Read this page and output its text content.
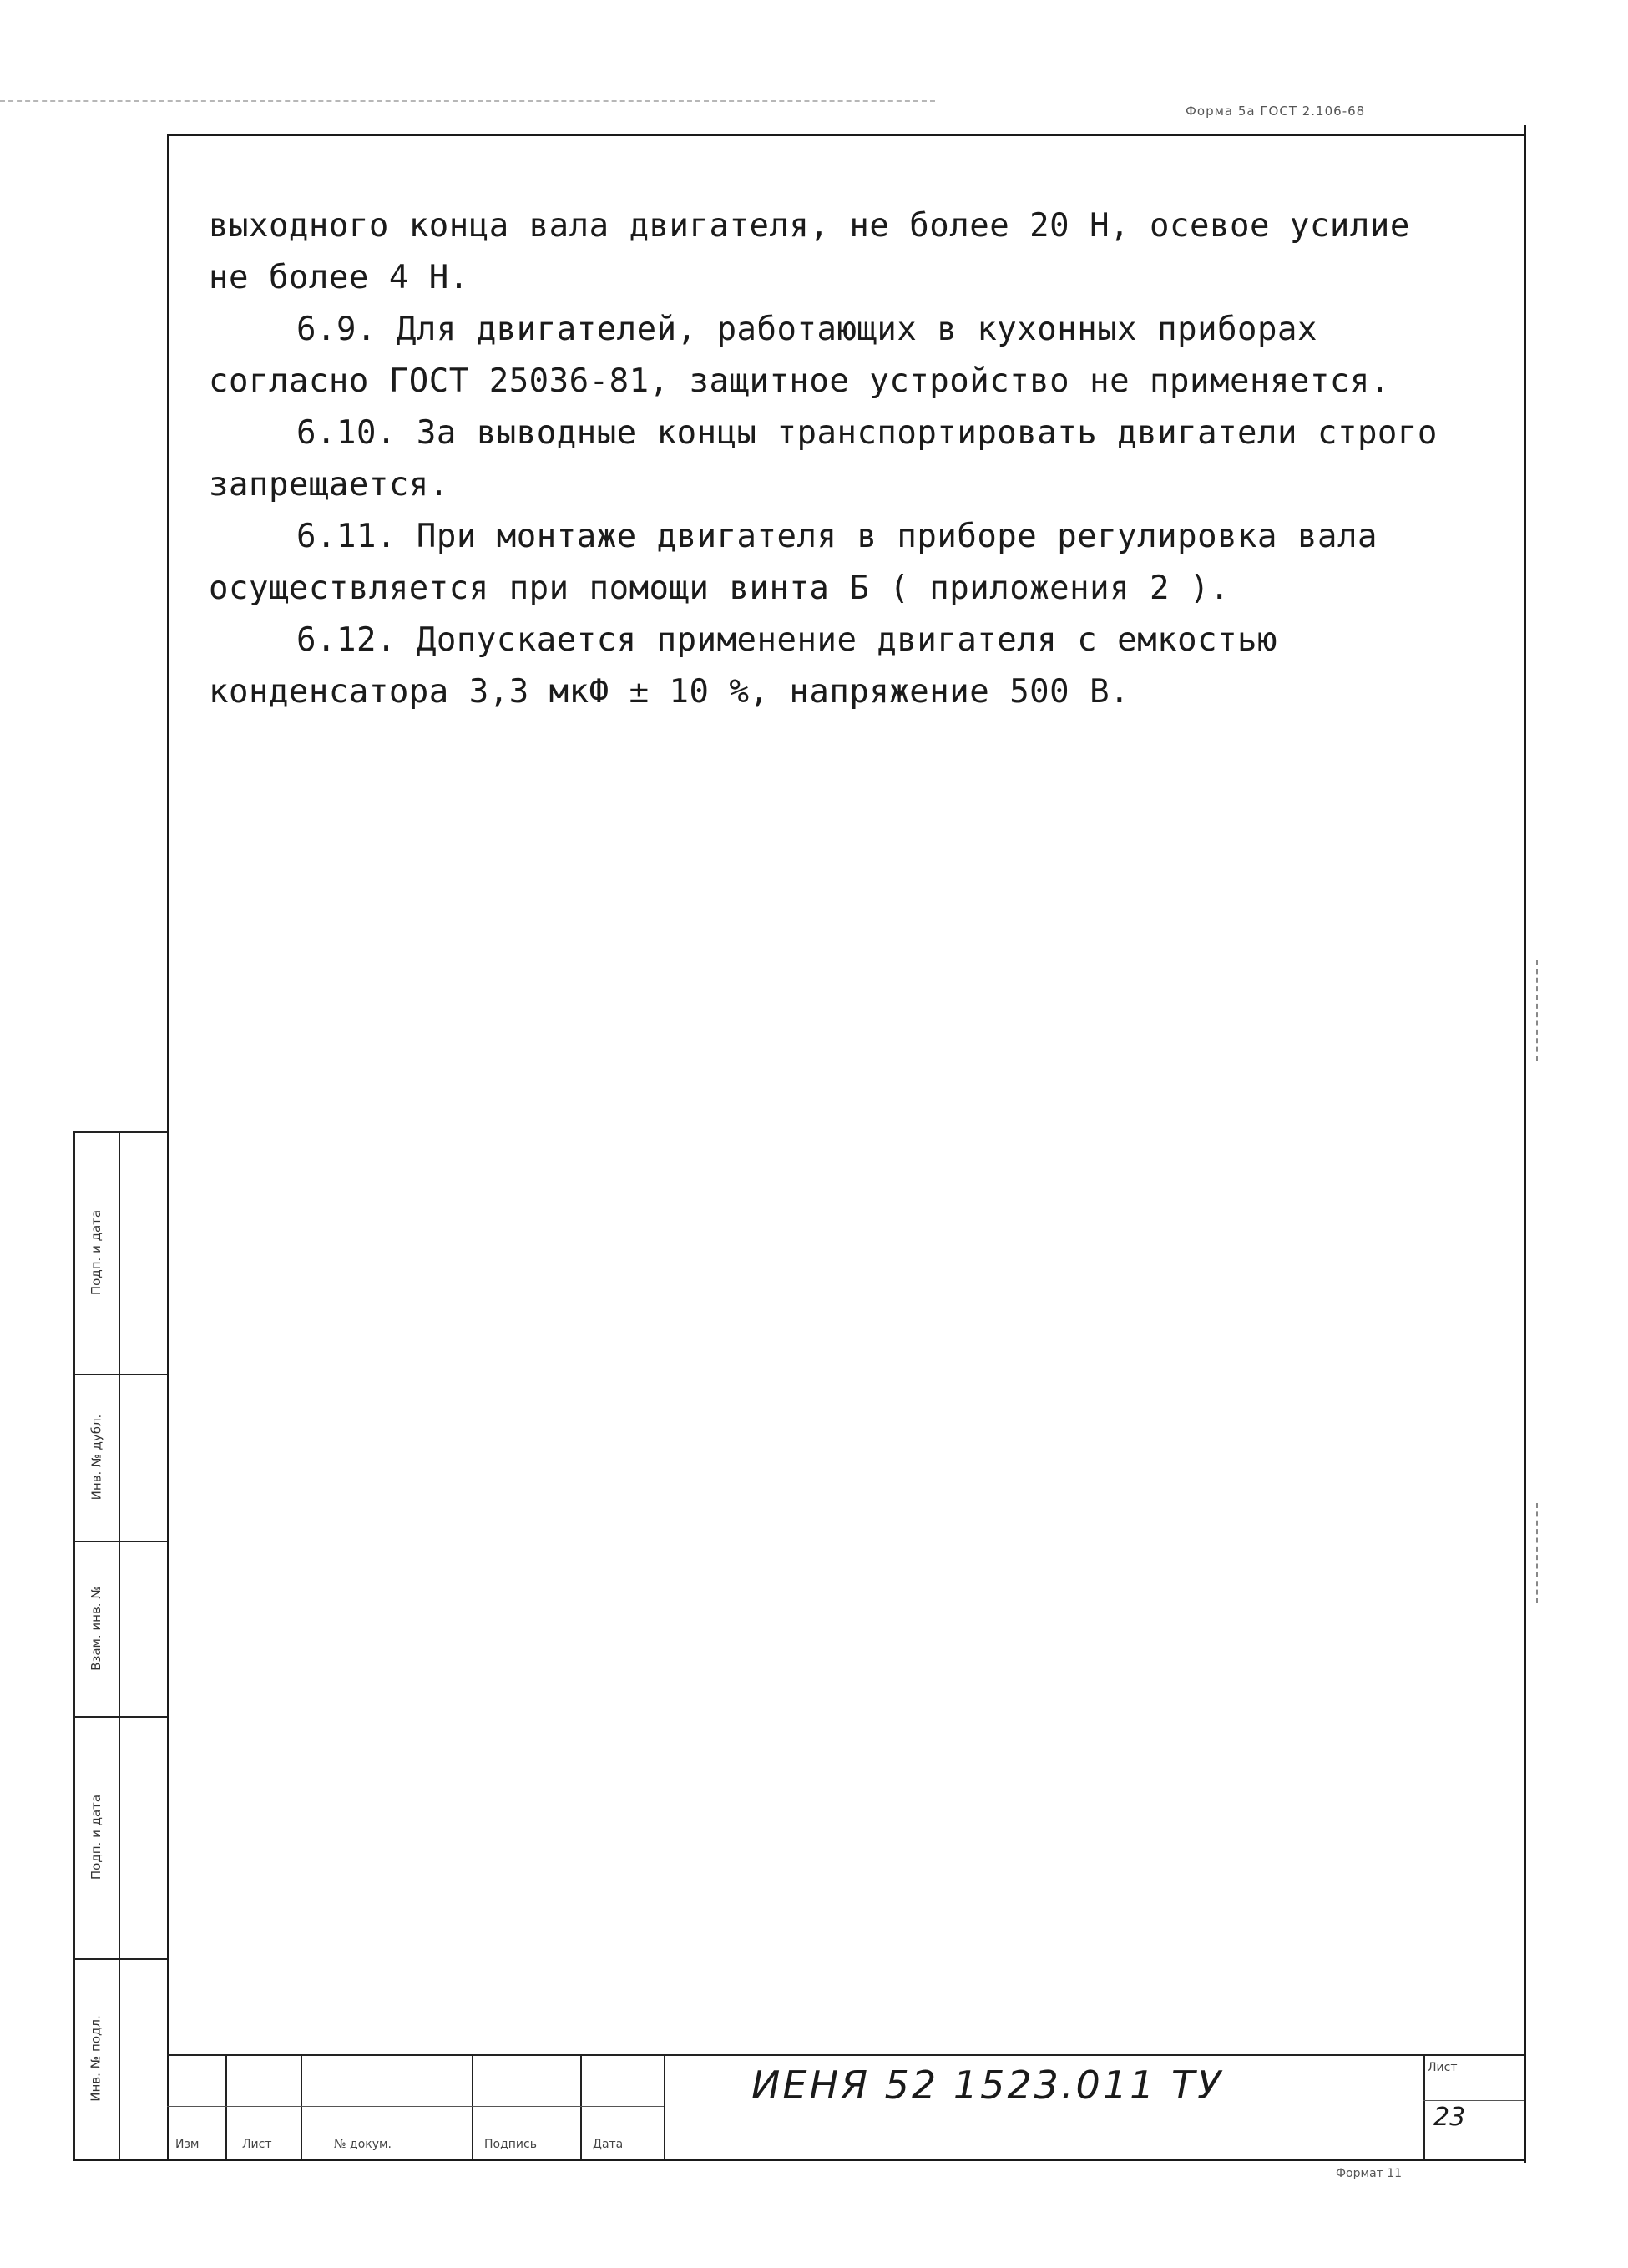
Форма 5а ГОСТ 2.106-68

выходного конца вала двигателя, не более 20 Н, осевое усилие не более 4 Н.

6.9. Для двигателей, работающих в кухонных приборах согласно ГОСТ 25036-81, защитное устройство не применяется.

6.10. За выводные концы транспортировать двигатели строго запрещается.

6.11. При монтаже двигателя в приборе регулировка вала осуществляется при помощи винта Б ( приложения 2 ).

6.12. Допускается применение двигателя с емкостью конденсатора 3,3 мкФ ± 10 %, напряжение 500 В.

Подп. и дата
Инв. № дубл.
Взам. инв. №
Подп. и дата
Инв. № подл.
Изм	Лист	№ докум.	Подпись	Дата
ИЕНЯ 52 1523.011 ТУ	Лист
23
Формат 11
